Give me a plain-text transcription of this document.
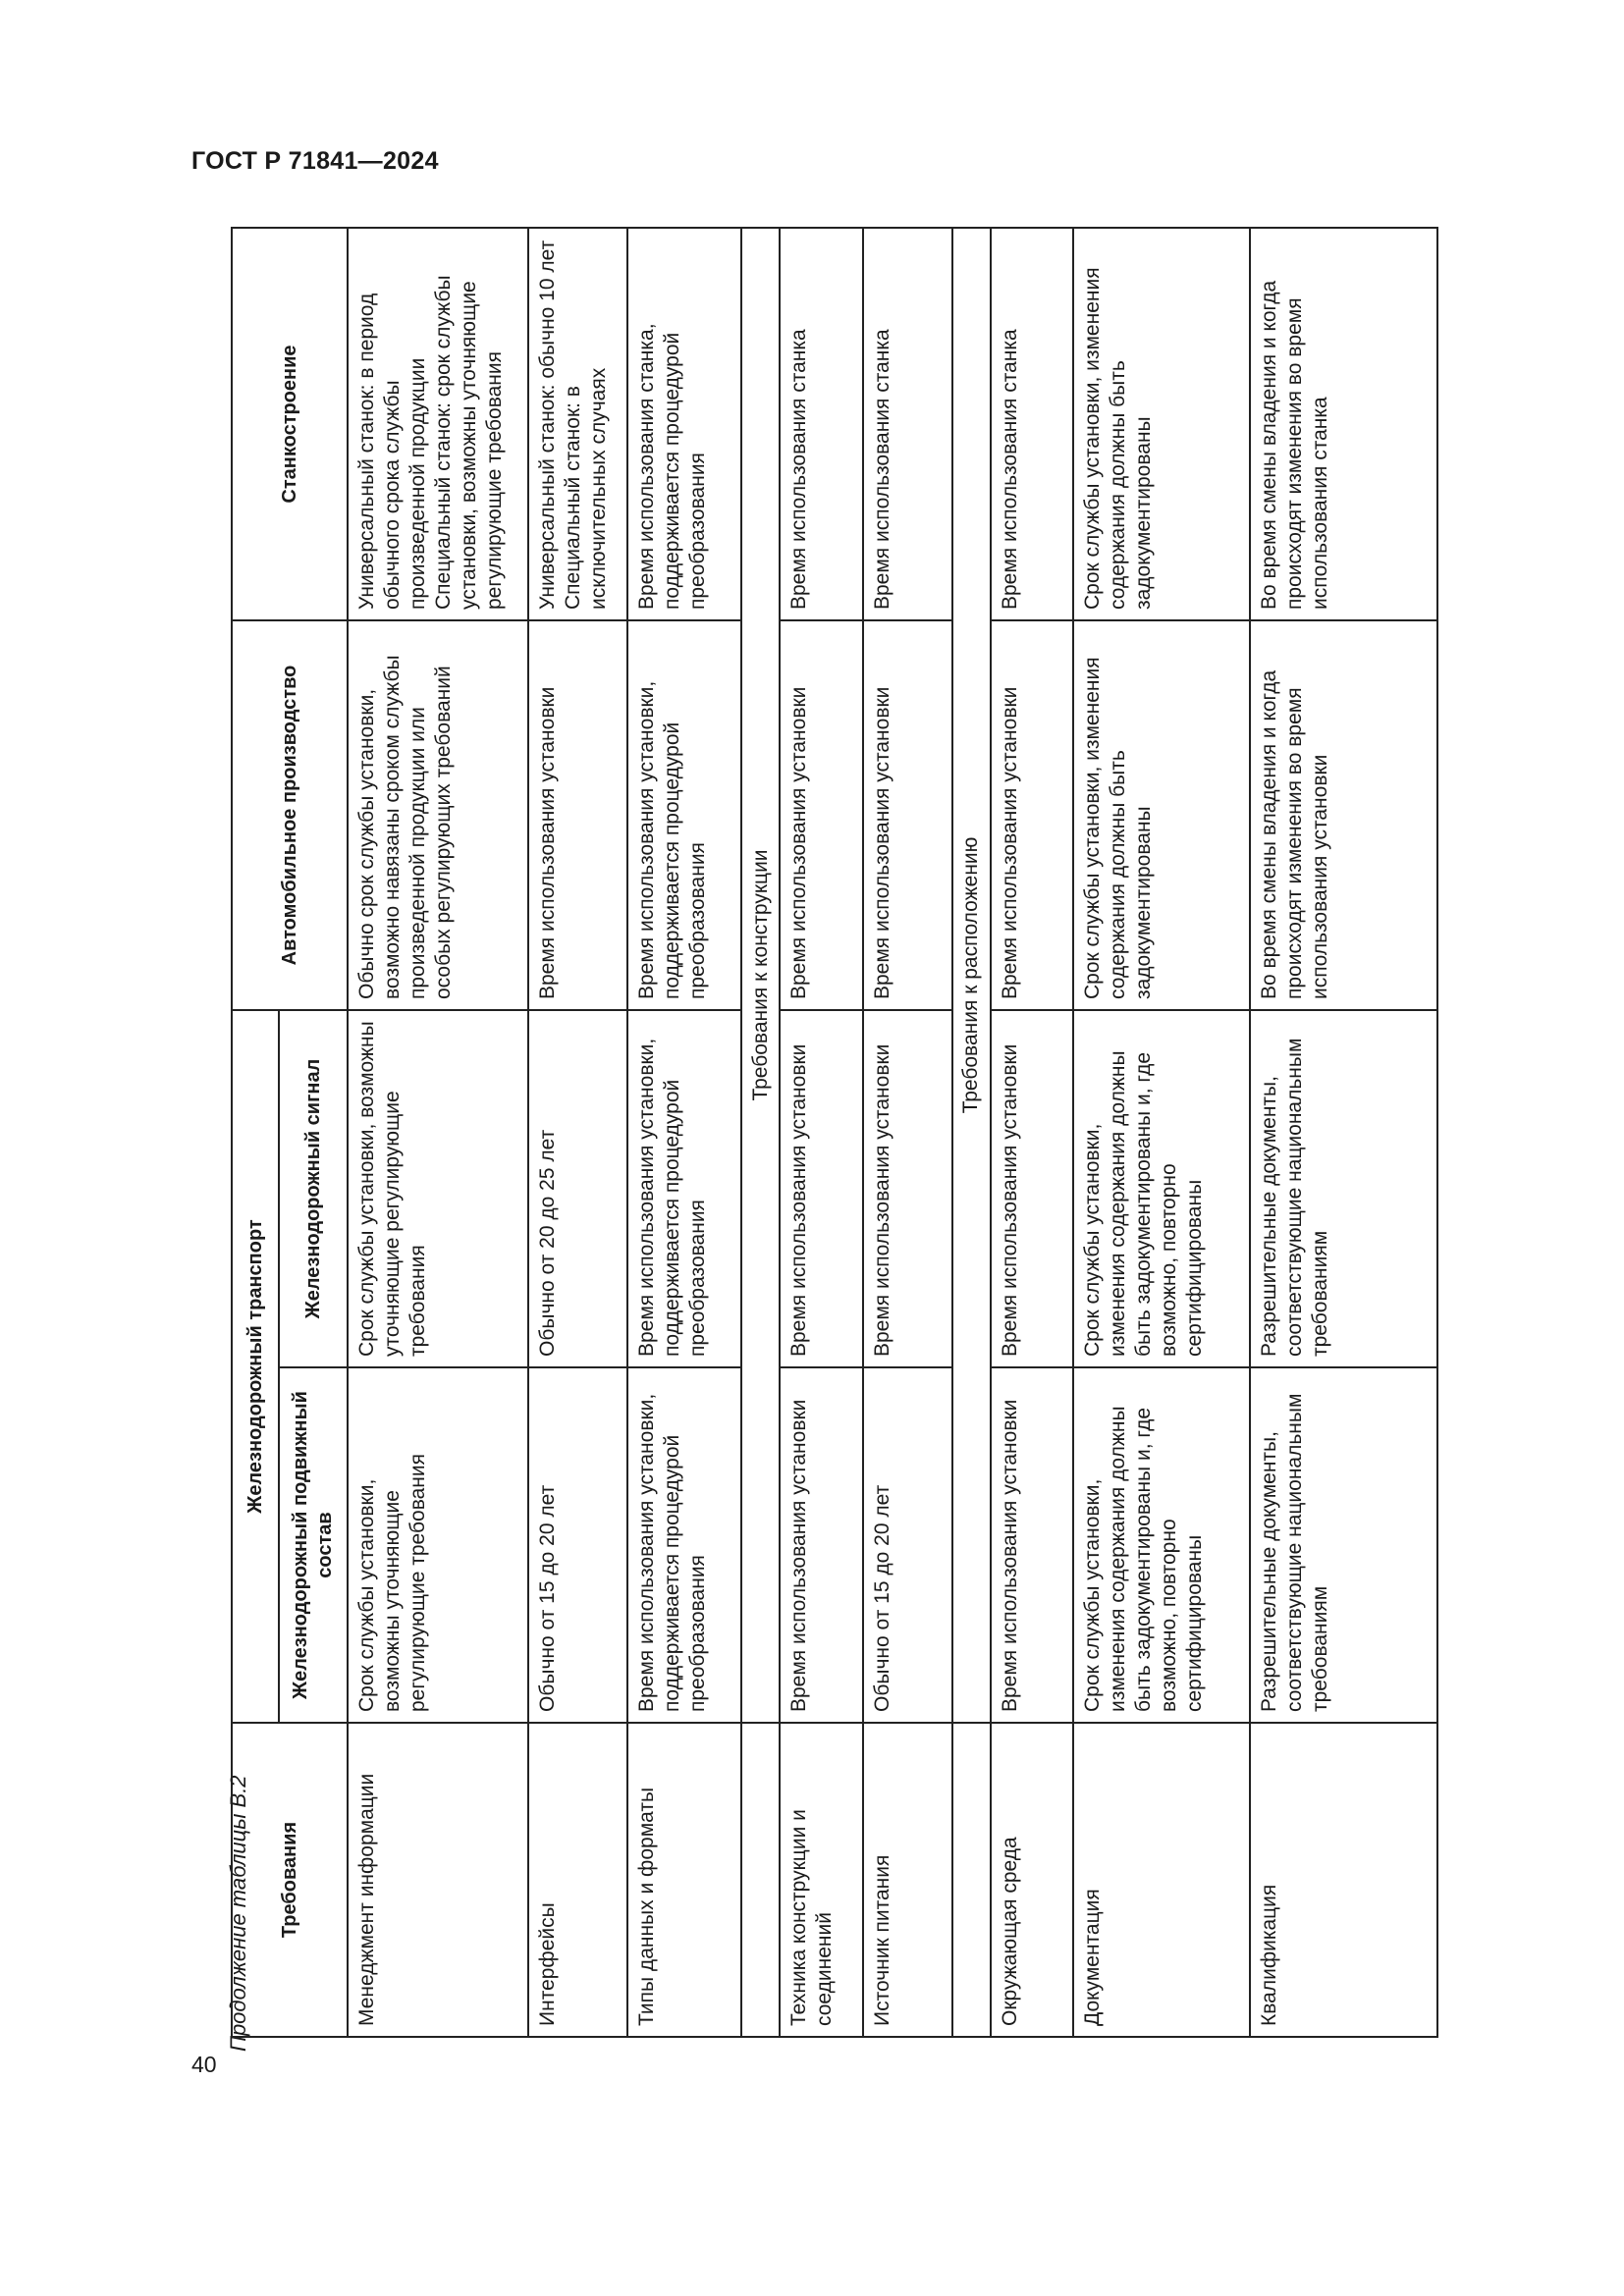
ГОСТ Р 71841—2024
40
Продолжение таблицы В.2 Требования	Железнодорожный транспорт		Автомобильное производство	Станкостроение
	Железнодорожный подвижный состав	Железнодорожный сигнал		
Менеджмент информации	Срок службы установки, возможны уточняющие регулирующие требования	Срок службы установки, возможны уточняющие регулирующие требования	Обычно срок службы установки, возможно навязаны сроком службы произведенной продукции или особых регулирующих требований	Универсальный станок: в период обычного срока службы произведенной продукции
Специальный станок: срок службы установки, возможны уточняющие регулирующие требования
Интерфейсы	Обычно от 15 до 20 лет	Обычно от 20 до 25 лет	Время использования установки	Универсальный станок: обычно 10 лет
Специальный станок: в исключительных случаях
Типы данных и форматы	Время использования установки, поддерживается процедурой преобразования	Время использования установки, поддерживается процедурой преобразования	Время использования установки, поддерживается процедурой преобразования	Время использования станка, поддерживается процедурой преобразования
	Требования к конструкции			
Техника конструкции и соединений	Время использования установки	Время использования установки	Время использования установки	Время использования станка
Источник питания	Обычно от 15 до 20 лет	Время использования установки	Время использования установки	Время использования станка
	Требования к расположению			
Окружающая среда	Время использования установки	Время использования установки	Время использования установки	Время использования станка
Документация	Срок службы установки, изменения содержания должны быть задокументированы и, где возможно, повторно сертифицированы	Срок службы установки, изменения содержания должны быть задокументированы и, где возможно, повторно сертифицированы	Срок службы установки, изменения содержания должны быть задокументированы	Срок службы установки, изменения содержания должны быть задокументированы
Квалификация	Разрешительные документы, соответствующие национальным требованиям	Разрешительные документы, соответствующие национальным требованиям	Во время смены владения и когда происходят изменения во время использования установки	Во время смены владения и когда происходят изменения во время использования станка
